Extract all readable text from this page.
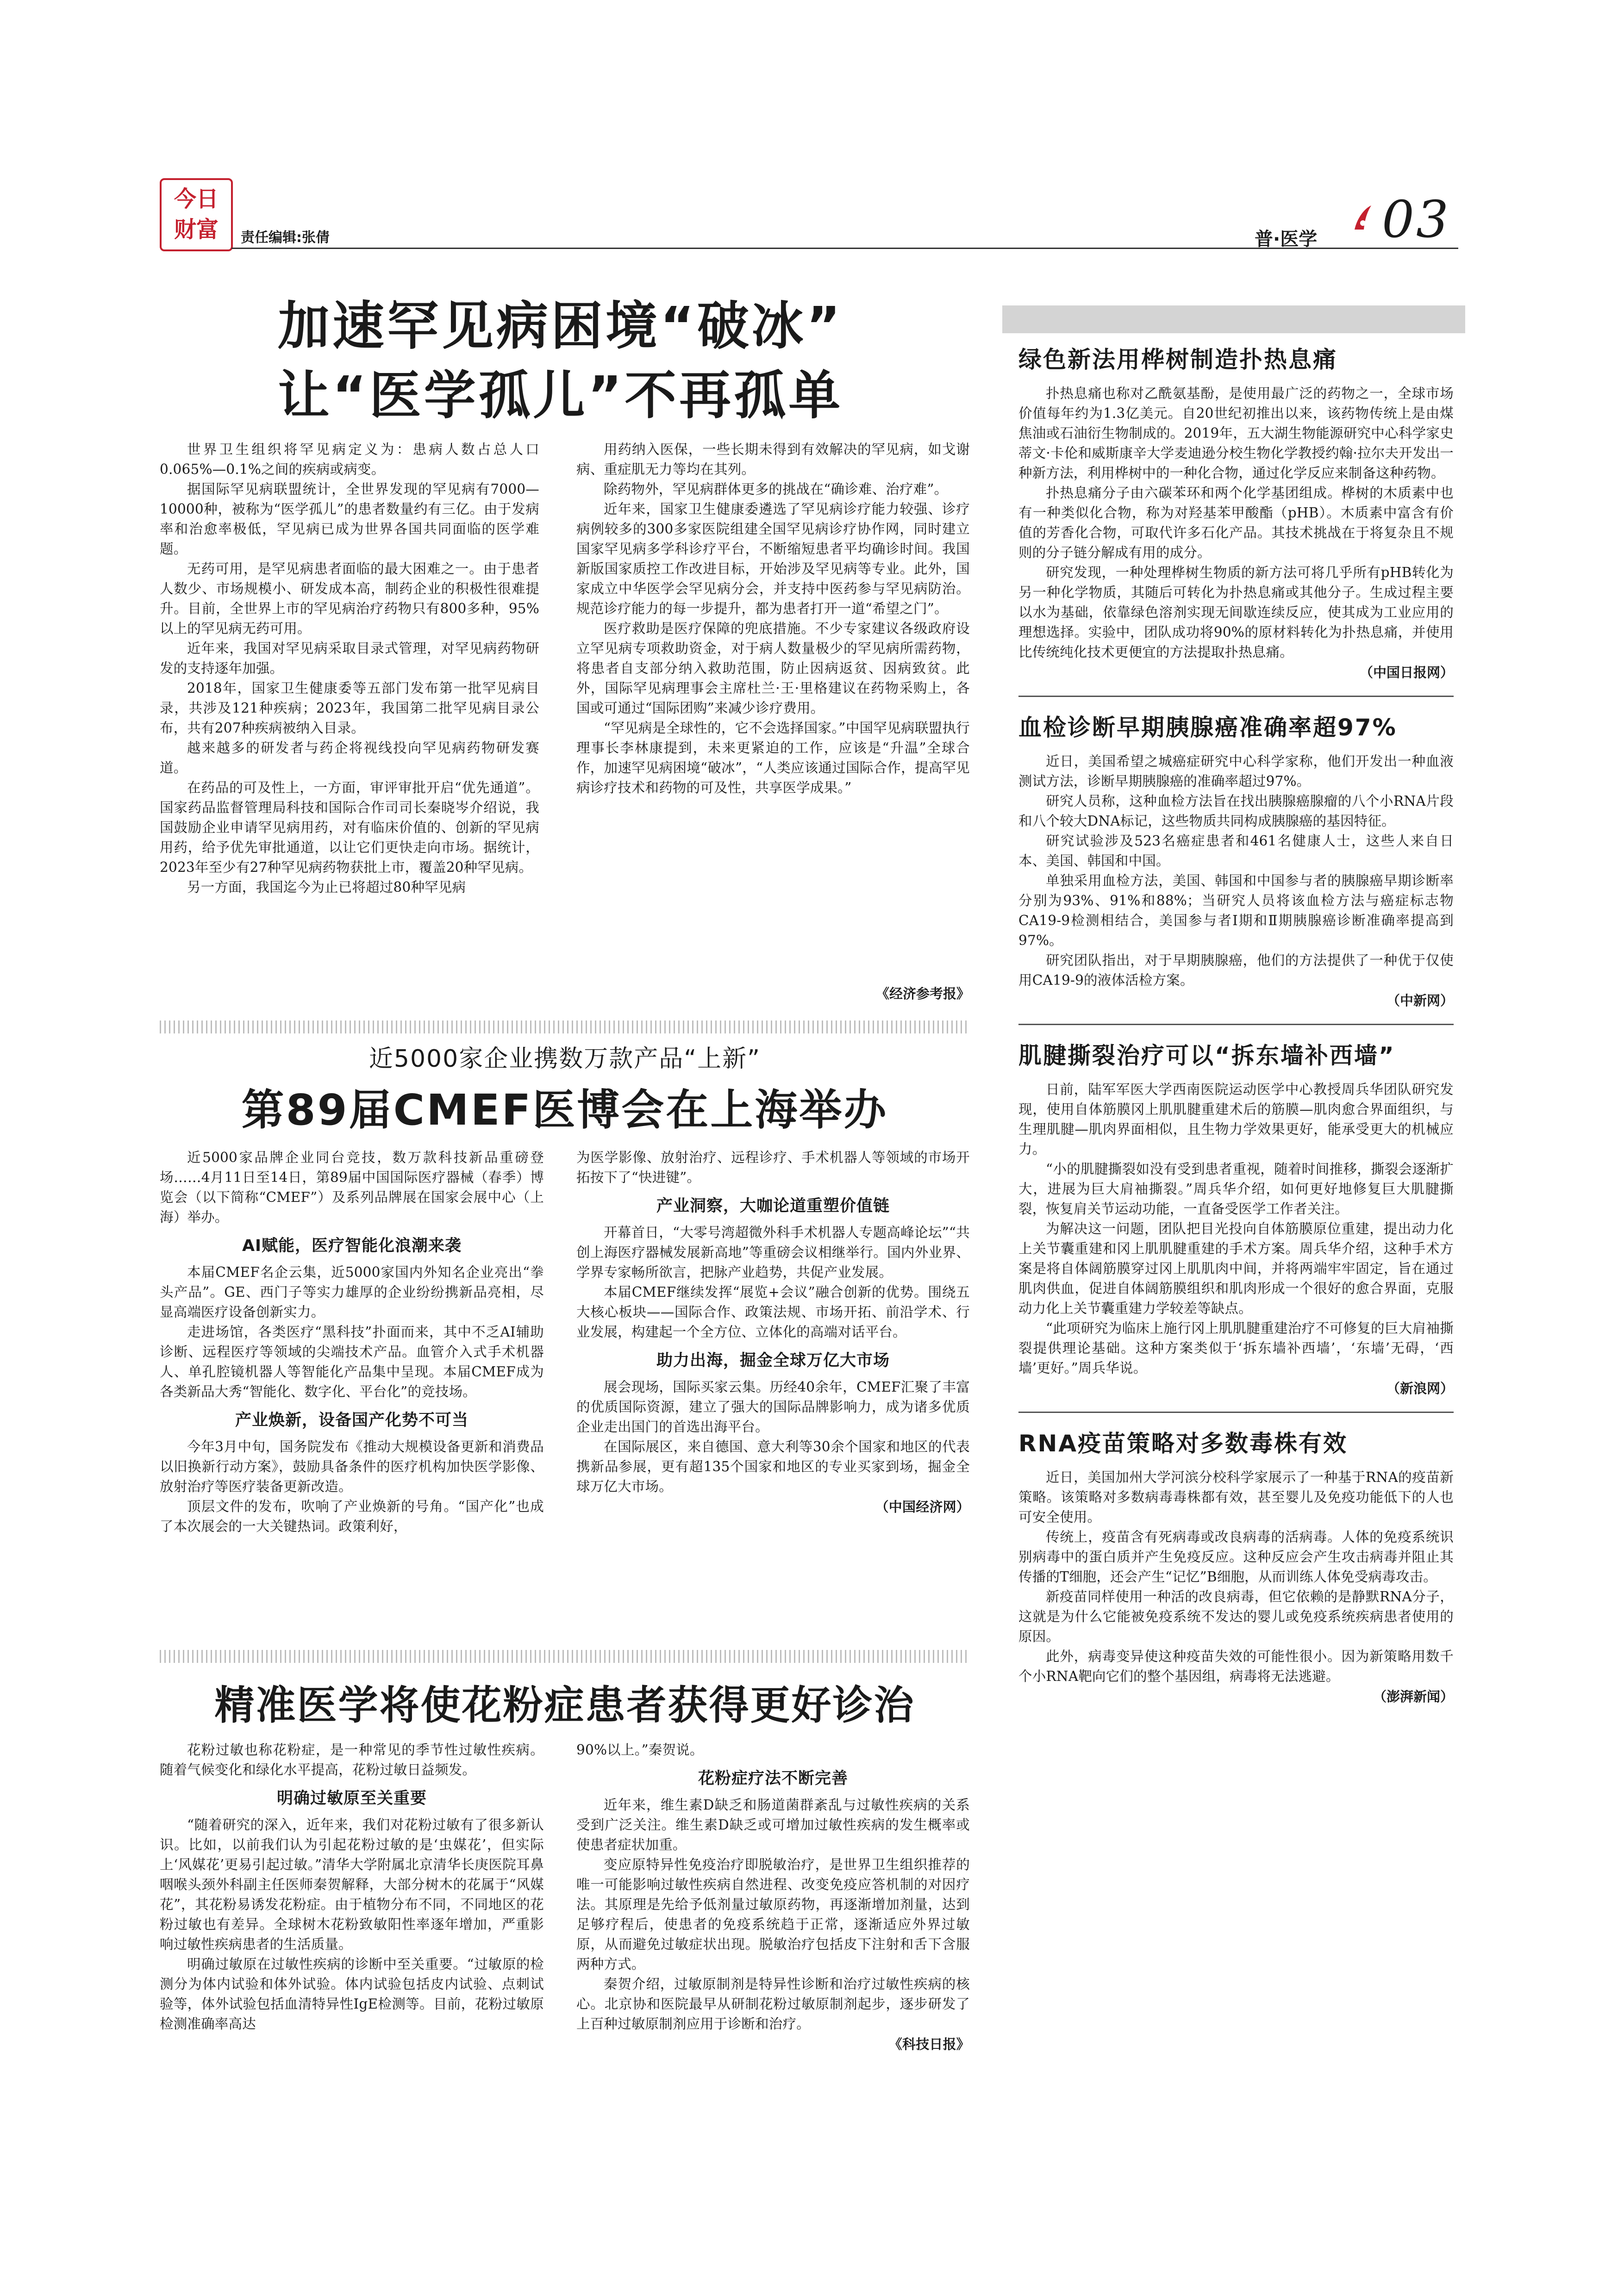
今日
财富	责任编辑:张倩	普·医学 03
加速罕见病困境“破冰”
让“医学孤儿”不再孤单

世界卫生组织将罕见病定义为：患病人数占总人口0.065%—0.1%之间的疾病或病变。

据国际罕见病联盟统计，全世界发现的罕见病有7000—10000种，被称为“医学孤儿”的患者数量约有三亿。由于发病率和治愈率极低，罕见病已成为世界各国共同面临的医学难题。

无药可用，是罕见病患者面临的最大困难之一。由于患者人数少、市场规模小、研发成本高，制药企业的积极性很难提升。目前，全世界上市的罕见病治疗药物只有800多种，95%以上的罕见病无药可用。

近年来，我国对罕见病采取目录式管理，对罕见病药物研发的支持逐年加强。

2018年，国家卫生健康委等五部门发布第一批罕见病目录，共涉及121种疾病；2023年，我国第二批罕见病目录公布，共有207种疾病被纳入目录。

越来越多的研发者与药企将视线投向罕见病药物研发赛道。

在药品的可及性上，一方面，审评审批开启“优先通道”。国家药品监督管理局科技和国际合作司司长秦晓岑介绍说，我国鼓励企业申请罕见病用药，对有临床价值的、创新的罕见病用药，给予优先审批通道，以让它们更快走向市场。据统计，2023年至少有27种罕见病药物获批上市，覆盖20种罕见病。

另一方面，我国迄今为止已将超过80种罕见病

用药纳入医保，一些长期未得到有效解决的罕见病，如戈谢病、重症肌无力等均在其列。

除药物外，罕见病群体更多的挑战在“确诊难、治疗难”。

近年来，国家卫生健康委遴选了罕见病诊疗能力较强、诊疗病例较多的300多家医院组建全国罕见病诊疗协作网，同时建立国家罕见病多学科诊疗平台，不断缩短患者平均确诊时间。我国新版国家质控工作改进目标，开始涉及罕见病等专业。此外，国家成立中华医学会罕见病分会，并支持中医药参与罕见病防治。规范诊疗能力的每一步提升，都为患者打开一道“希望之门”。

医疗救助是医疗保障的兜底措施。不少专家建议各级政府设立罕见病专项救助资金，对于病人数量极少的罕见病所需药物，将患者自支部分纳入救助范围，防止因病返贫、因病致贫。此外，国际罕见病理事会主席杜兰·王·里格建议在药物采购上，各国或可通过“国际团购”来减少诊疗费用。

“罕见病是全球性的，它不会选择国家。”中国罕见病联盟执行理事长李林康提到，未来更紧迫的工作，应该是“升温”全球合作，加速罕见病困境“破冰”，“人类应该通过国际合作，提高罕见病诊疗技术和药物的可及性，共享医学成果。”

《经济参考报》
近5000家企业携数万款产品“上新”
第89届CMEF医博会在上海举办

近5000家品牌企业同台竞技，数万款科技新品重磅登场……4月11日至14日，第89届中国国际医疗器械（春季）博览会（以下简称“CMEF”）及系列品牌展在国家会展中心（上海）举办。

AI赋能，医疗智能化浪潮来袭

本届CMEF名企云集，近5000家国内外知名企业亮出“拳头产品”。GE、西门子等实力雄厚的企业纷纷携新品亮相，尽显高端医疗设备创新实力。

走进场馆，各类医疗“黑科技”扑面而来，其中不乏AI辅助诊断、远程医疗等领域的尖端技术产品。血管介入式手术机器人、单孔腔镜机器人等智能化产品集中呈现。本届CMEF成为各类新品大秀“智能化、数字化、平台化”的竞技场。

产业焕新，设备国产化势不可当

今年3月中旬，国务院发布《推动大规模设备更新和消费品以旧换新行动方案》，鼓励具备条件的医疗机构加快医学影像、放射治疗等医疗装备更新改造。

顶层文件的发布，吹响了产业焕新的号角。“国产化”也成了本次展会的一大关键热词。政策利好，

为医学影像、放射治疗、远程诊疗、手术机器人等领域的市场开拓按下了“快进键”。

产业洞察，大咖论道重塑价值链

开幕首日，“大零号湾超微外科手术机器人专题高峰论坛”“共创上海医疗器械发展新高地”等重磅会议相继举行。国内外业界、学界专家畅所欲言，把脉产业趋势，共促产业发展。

本届CMEF继续发挥“展览+会议”融合创新的优势。围绕五大核心板块——国际合作、政策法规、市场开拓、前沿学术、行业发展，构建起一个全方位、立体化的高端对话平台。

助力出海，掘金全球万亿大市场

展会现场，国际买家云集。历经40余年，CMEF汇聚了丰富的优质国际资源，建立了强大的国际品牌影响力，成为诸多优质企业走出国门的首选出海平台。

在国际展区，来自德国、意大利等30余个国家和地区的代表携新品参展，更有超135个国家和地区的专业买家到场，掘金全球万亿大市场。

（中国经济网）
精准医学将使花粉症患者获得更好诊治

花粉过敏也称花粉症，是一种常见的季节性过敏性疾病。随着气候变化和绿化水平提高，花粉过敏日益频发。

明确过敏原至关重要

“随着研究的深入，近年来，我们对花粉过敏有了很多新认识。比如，以前我们认为引起花粉过敏的是‘虫媒花’，但实际上‘风媒花’更易引起过敏。”清华大学附属北京清华长庚医院耳鼻咽喉头颈外科副主任医师秦贺解释，大部分树木的花属于“风媒花”，其花粉易诱发花粉症。由于植物分布不同，不同地区的花粉过敏也有差异。全球树木花粉致敏阳性率逐年增加，严重影响过敏性疾病患者的生活质量。

明确过敏原在过敏性疾病的诊断中至关重要。“过敏原的检测分为体内试验和体外试验。体内试验包括皮内试验、点刺试验等，体外试验包括血清特异性IgE检测等。目前，花粉过敏原检测准确率高达

90%以上。”秦贺说。

花粉症疗法不断完善

近年来，维生素D缺乏和肠道菌群紊乱与过敏性疾病的关系受到广泛关注。维生素D缺乏或可增加过敏性疾病的发生概率或使患者症状加重。

变应原特异性免疫治疗即脱敏治疗，是世界卫生组织推荐的唯一可能影响过敏性疾病自然进程、改变免疫应答机制的对因疗法。其原理是先给予低剂量过敏原药物，再逐渐增加剂量，达到足够疗程后，使患者的免疫系统趋于正常，逐渐适应外界过敏原，从而避免过敏症状出现。脱敏治疗包括皮下注射和舌下含服两种方式。

秦贺介绍，过敏原制剂是特异性诊断和治疗过敏性疾病的核心。北京协和医院最早从研制花粉过敏原制剂起步，逐步研发了上百种过敏原制剂应用于诊断和治疗。

《科技日报》
绿色新法用桦树制造扑热息痛

扑热息痛也称对乙酰氨基酚，是使用最广泛的药物之一，全球市场价值每年约为1.3亿美元。自20世纪初推出以来，该药物传统上是由煤焦油或石油衍生物制成的。2019年，五大湖生物能源研究中心科学家史蒂文·卡伦和威斯康辛大学麦迪逊分校生物化学教授约翰·拉尔夫开发出一种新方法，利用桦树中的一种化合物，通过化学反应来制备这种药物。

扑热息痛分子由六碳苯环和两个化学基团组成。桦树的木质素中也有一种类似化合物，称为对羟基苯甲酸酯（pHB）。木质素中富含有价值的芳香化合物，可取代许多石化产品。其技术挑战在于将复杂且不规则的分子链分解成有用的成分。

研究发现，一种处理桦树生物质的新方法可将几乎所有pHB转化为另一种化学物质，其随后可转化为扑热息痛或其他分子。生成过程主要以水为基础，依靠绿色溶剂实现无间歇连续反应，使其成为工业应用的理想选择。实验中，团队成功将90%的原材料转化为扑热息痛，并使用比传统纯化技术更便宜的方法提取扑热息痛。

（中国日报网）
血检诊断早期胰腺癌准确率超97%

近日，美国希望之城癌症研究中心科学家称，他们开发出一种血液测试方法，诊断早期胰腺癌的准确率超过97%。

研究人员称，这种血检方法旨在找出胰腺癌腺瘤的八个小RNA片段和八个较大DNA标记，这些物质共同构成胰腺癌的基因特征。

研究试验涉及523名癌症患者和461名健康人士，这些人来自日本、美国、韩国和中国。

单独采用血检方法，美国、韩国和中国参与者的胰腺癌早期诊断率分别为93%、91%和88%；当研究人员将该血检方法与癌症标志物CA19-9检测相结合，美国参与者Ⅰ期和Ⅱ期胰腺癌诊断准确率提高到97%。

研究团队指出，对于早期胰腺癌，他们的方法提供了一种优于仅使用CA19-9的液体活检方案。

（中新网）
肌腱撕裂治疗可以“拆东墙补西墙”

日前，陆军军医大学西南医院运动医学中心教授周兵华团队研究发现，使用自体筋膜冈上肌肌腱重建术后的筋膜—肌肉愈合界面组织，与生理肌腱—肌肉界面相似，且生物力学效果更好，能承受更大的机械应力。

“小的肌腱撕裂如没有受到患者重视，随着时间推移，撕裂会逐渐扩大，进展为巨大肩袖撕裂。”周兵华介绍，如何更好地修复巨大肌腱撕裂，恢复肩关节运动功能，一直备受医学工作者关注。

为解决这一问题，团队把目光投向自体筋膜原位重建，提出动力化上关节囊重建和冈上肌肌腱重建的手术方案。周兵华介绍，这种手术方案是将自体阔筋膜穿过冈上肌肌肉中间，并将两端牢牢固定，旨在通过肌肉供血，促进自体阔筋膜组织和肌肉形成一个很好的愈合界面，克服动力化上关节囊重建力学较差等缺点。

“此项研究为临床上施行冈上肌肌腱重建治疗不可修复的巨大肩袖撕裂提供理论基础。这种方案类似于‘拆东墙补西墙’，‘东墙’无碍，‘西墙’更好。”周兵华说。

（新浪网）
RNA疫苗策略对多数毒株有效

近日，美国加州大学河滨分校科学家展示了一种基于RNA的疫苗新策略。该策略对多数病毒毒株都有效，甚至婴儿及免疫功能低下的人也可安全使用。

传统上，疫苗含有死病毒或改良病毒的活病毒。人体的免疫系统识别病毒中的蛋白质并产生免疫反应。这种反应会产生攻击病毒并阻止其传播的T细胞，还会产生“记忆”B细胞，从而训练人体免受病毒攻击。

新疫苗同样使用一种活的改良病毒，但它依赖的是静默RNA分子，这就是为什么它能被免疫系统不发达的婴儿或免疫系统疾病患者使用的原因。

此外，病毒变异使这种疫苗失效的可能性很小。因为新策略用数千个小RNA靶向它们的整个基因组，病毒将无法逃避。

（澎湃新闻）
